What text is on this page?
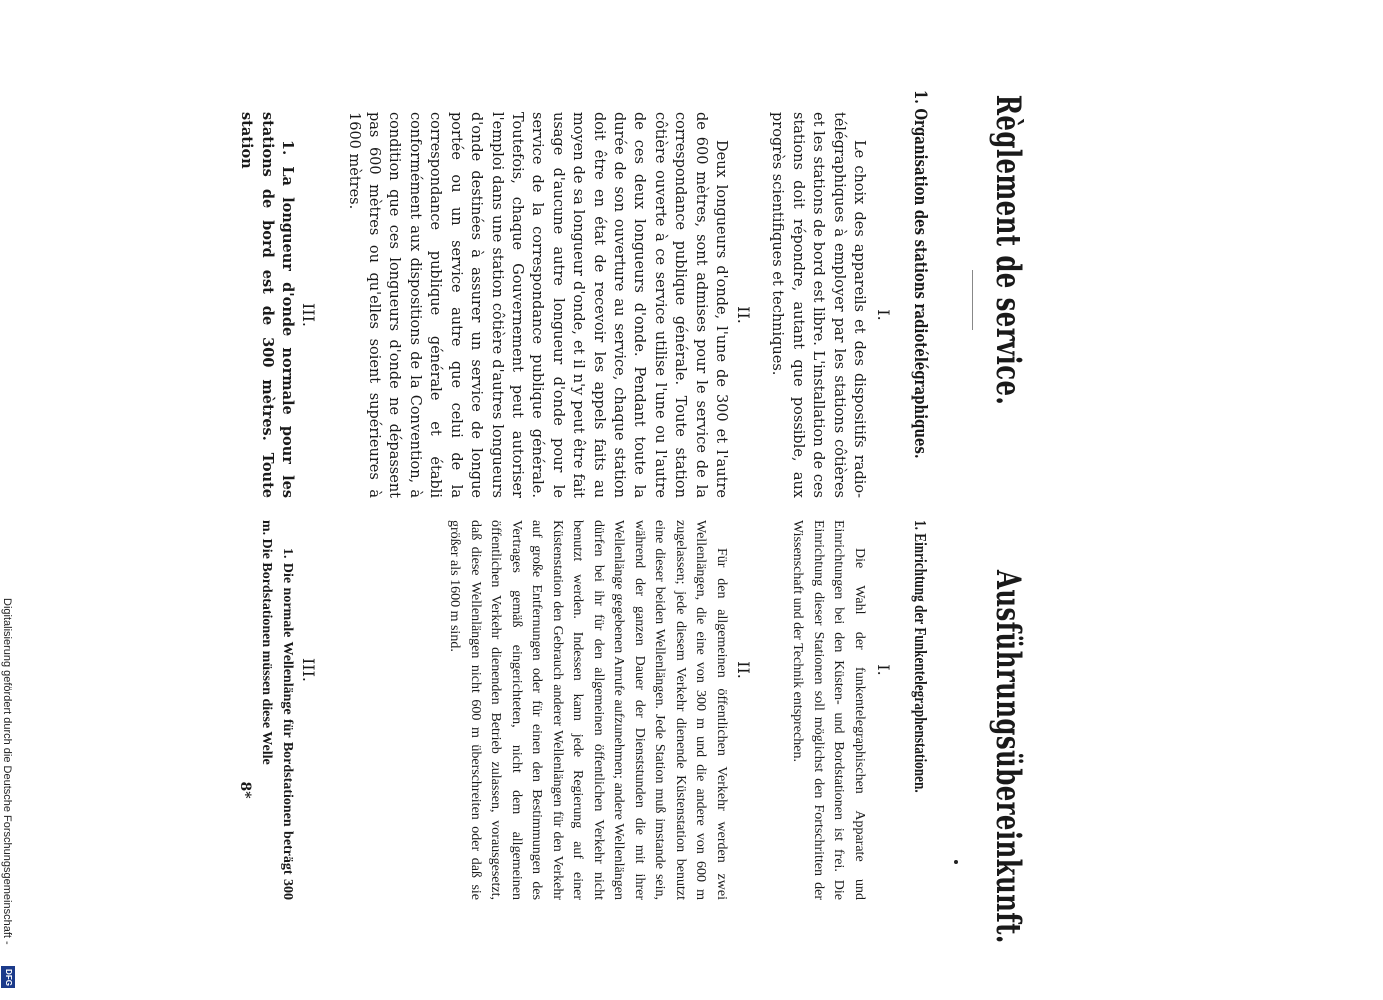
Règlement de service.
1. Organisation des stations radiotélégraphiques.

I.

Le choix des appareils et des dispositifs radio-télégraphiques à employer par les stations côtières et les stations de bord est libre. L'installation de ces stations doit répondre, autant que possible, aux progrès scientifiques et techniques.

II.

Deux longueurs d'onde, l'une de 300 et l'autre de 600 mètres, sont admises pour le service de la correspondance publique générale. Toute station côtière ouverte à ce service utilise l'une ou l'autre de ces deux longueurs d'onde. Pendant toute la durée de son ouverture au service, chaque station doit être en état de recevoir les appels faits au moyen de sa longueur d'onde, et il n'y peut être fait usage d'aucune autre longueur d'onde pour le service de la correspondance publique générale. Toutefois, chaque Gouvernement peut autoriser l'emploi dans une station côtière d'autres longueurs d'onde destinées à assurer un service de longue portée ou un service autre que celui de la correspondance publique générale et établi conformément aux dispositions de la Convention, à condition que ces longueurs d'onde ne dépassent pas 600 mètres ou qu'elles soient supérieures à 1600 mètres.

III.

1. La longueur d'onde normale pour les stations de bord est de 300 mètres. Toute station

Ausführungsübereinkunft.
1. Einrichtung der Funkentelegraphenstationen.

I.

Die Wahl der funkentelegraphischen Apparate und Einrichtungen bei den Küsten- und Bordstationen ist frei. Die Einrichtung dieser Stationen soll möglichst den Fortschritten der Wissenschaft und der Technik entsprechen.

II.

Für den allgemeinen öffentlichen Verkehr werden zwei Wellenlängen, die eine von 300 m und die andere von 600 m zugelassen; jede diesem Verkehr dienende Küstenstation benutzt eine dieser beiden Wellenlängen. Jede Station muß imstande sein, während der ganzen Dauer der Dienststunden die mit ihrer Wellenlänge gegebenen Anrufe aufzunehmen; andere Wellenlängen dürfen bei ihr für den allgemeinen öffentlichen Verkehr nicht benutzt werden. Indessen kann jede Regierung auf einer Küstenstation den Gebrauch anderer Wellenlängen für den Verkehr auf große Entfernungen oder für einen den Bestimmungen des Vertrages gemäß eingerichteten, nicht dem allgemeinen öffentlichen Verkehr dienenden Betrieb zulassen, vorausgesetzt, daß diese Wellenlängen nicht 600 m überschreiten oder daß sie größer als 1600 m sind.

III.

1. Die normale Wellenlänge für Bordstationen beträgt 300 m. Die Bordstationen müssen diese Welle

8*

Digitalisierung gefördert durch die Deutsche Forschungsgemeinschaft -
DFG
